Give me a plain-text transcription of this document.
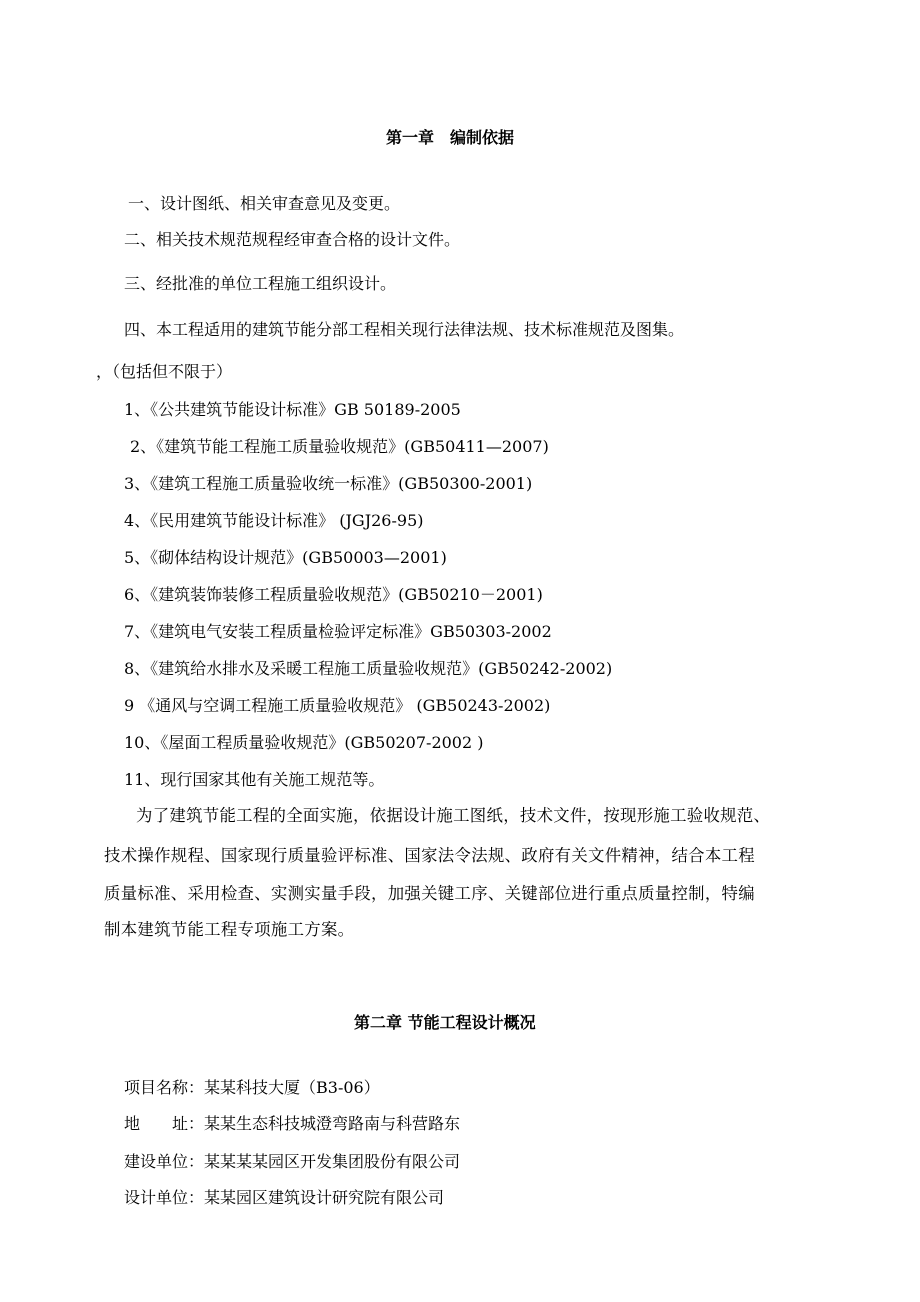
第一章　编制依据
一、设计图纸、相关审查意见及变更。
二、相关技术规范规程经审查合格的设计文件。
三、经批准的单位工程施工组织设计。
四、本工程适用的建筑节能分部工程相关现行法律法规、技术标准规范及图集。
，（包括但不限于）
1、《公共建筑节能设计标准》GB 50189-2005
2、《建筑节能工程施工质量验收规范》(GB50411—2007)
3、《建筑工程施工质量验收统一标准》(GB50300-2001)
4、《民用建筑节能设计标准》 (JGJ26-95)
5、《砌体结构设计规范》(GB50003—2001)
6、《建筑装饰装修工程质量验收规范》(GB50210－2001)
7、《建筑电气安装工程质量检验评定标准》GB50303-2002
8、《建筑给水排水及采暖工程施工质量验收规范》(GB50242-2002)
9 《通风与空调工程施工质量验收规范》 (GB50243-2002)
10、《屋面工程质量验收规范》(GB50207-2002 )
11、现行国家其他有关施工规范等。
为了建筑节能工程的全面实施，依据设计施工图纸，技术文件，按现形施工验收规范、
技术操作规程、国家现行质量验评标准、国家法令法规、政府有关文件精神，结合本工程
质量标准、采用检查、实测实量手段，加强关键工序、关键部位进行重点质量控制，特编
制本建筑节能工程专项施工方案。
第二章 节能工程设计概况
项目名称：某某科技大厦（B3-06）
地　　址：某某生态科技城澄弯路南与科营路东
建设单位：某某某某园区开发集团股份有限公司
设计单位：某某园区建筑设计研究院有限公司
